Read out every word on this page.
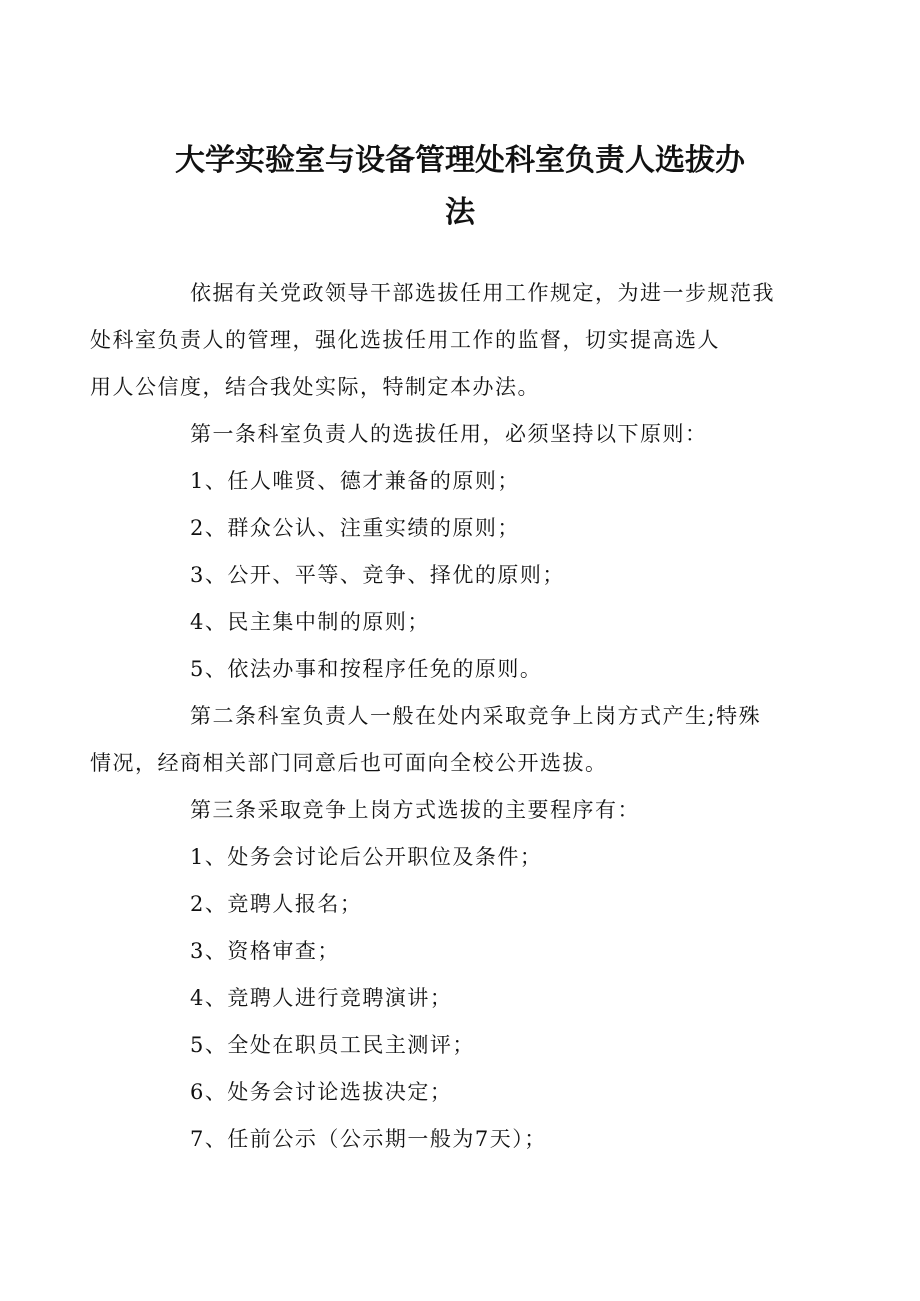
大学实验室与设备管理处科室负责人选拔办
法

依据有关党政领导干部选拔任用工作规定，为进一步规范我
处科室负责人的管理，强化选拔任用工作的监督，切实提高选人
用人公信度，结合我处实际，特制定本办法。

第一条科室负责人的选拔任用，必须坚持以下原则：

1、任人唯贤、德才兼备的原则；

2、群众公认、注重实绩的原则；

3、公开、平等、竞争、择优的原则；

4、民主集中制的原则；

5、依法办事和按程序任免的原则。

第二条科室负责人一般在处内采取竞争上岗方式产生;特殊
情况，经商相关部门同意后也可面向全校公开选拔。

第三条采取竞争上岗方式选拔的主要程序有：

1、处务会讨论后公开职位及条件；

2、竞聘人报名；

3、资格审查；

4、竞聘人进行竞聘演讲；

5、全处在职员工民主测评；

6、处务会讨论选拔决定；

7、任前公示（公示期一般为7天）；
